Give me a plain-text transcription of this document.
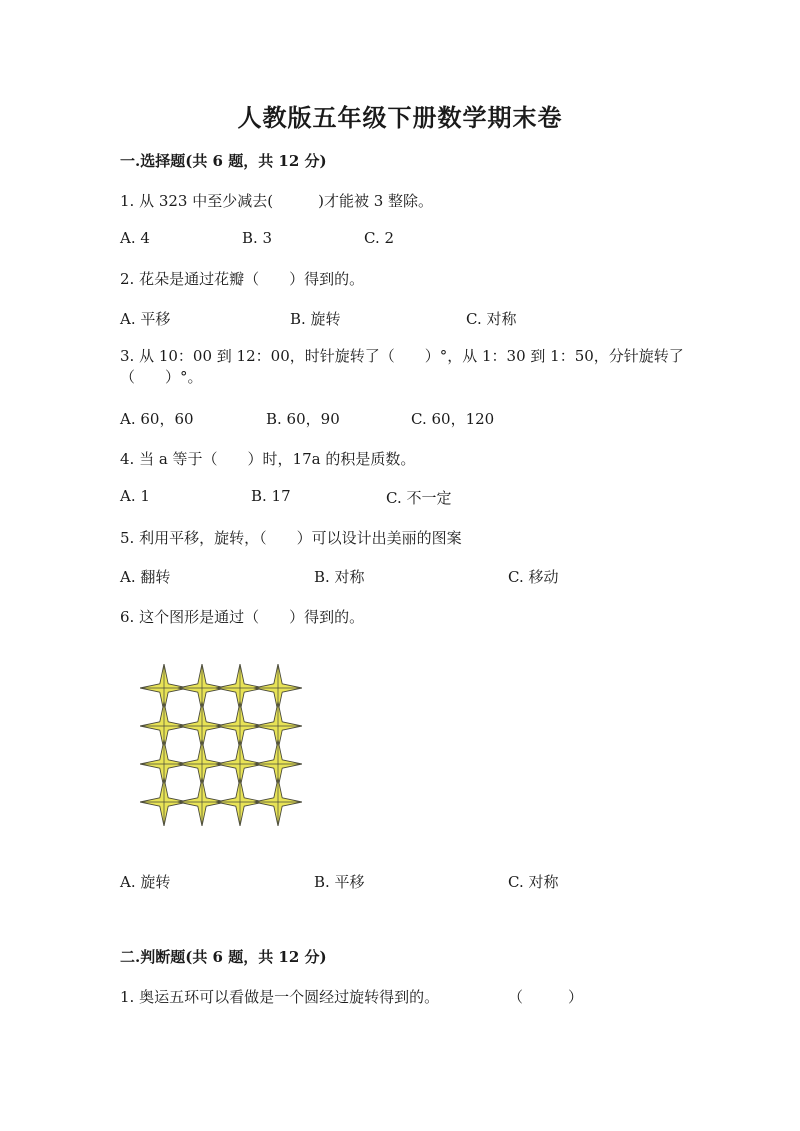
人教版五年级下册数学期末卷
一.选择题(共 6 题，共 12 分)
1. 从 323 中至少减去(　　　)才能被 3 整除。
A. 4	B. 3	C. 2
2. 花朵是通过花瓣（　　）得到的。
A. 平移	B. 旋转	C. 对称
3. 从 10：00 到 12：00，时针旋转了（　　）°，从 1：30 到 1：50，分针旋转了（　　）°。
A. 60，60	B. 60，90	C. 60，120
4. 当 a 等于（　　）时，17a 的积是质数。
A. 1	B. 17	C. 不一定
5. 利用平移，旋转，（　　）可以设计出美丽的图案
A. 翻转	B. 对称	C. 移动
6. 这个图形是通过（　　）得到的。
A. 旋转	B. 平移	C. 对称
二.判断题(共 6 题，共 12 分)
1. 奥运五环可以看做是一个圆经过旋转得到的。	（　　　）
